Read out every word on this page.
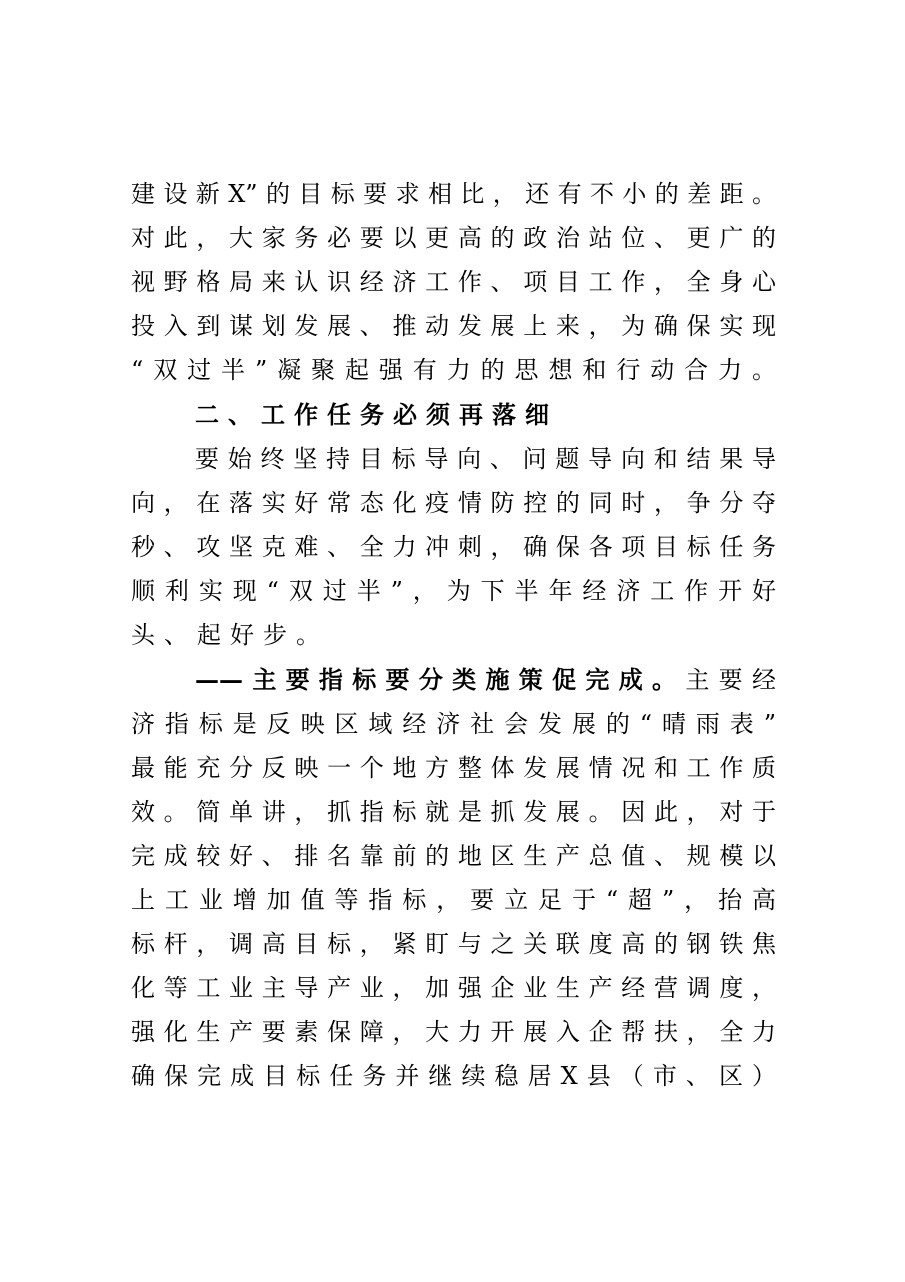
建设新X”的目标要求相比，还有不小的差距。
对此，大家务必要以更高的政治站位、更广的
视野格局来认识经济工作、项目工作，全身心
投入到谋划发展、推动发展上来，为确保实现
“双过半”凝聚起强有力的思想和行动合力。
二、工作任务必须再落细
要始终坚持目标导向、问题导向和结果导
向，在落实好常态化疫情防控的同时，争分夺
秒、攻坚克难、全力冲刺，确保各项目标任务
顺利实现“双过半”，为下半年经济工作开好
头、起好步。
——主要指标要分类施策促完成。主要经
济指标是反映区域经济社会发展的“晴雨表”
最能充分反映一个地方整体发展情况和工作质
效。简单讲，抓指标就是抓发展。因此，对于
完成较好、排名靠前的地区生产总值、规模以
上工业增加值等指标，要立足于“超”，抬高
标杆，调高目标，紧盯与之关联度高的钢铁焦
化等工业主导产业，加强企业生产经营调度，
强化生产要素保障，大力开展入企帮扶，全力
确保完成目标任务并继续稳居X县（市、区）
